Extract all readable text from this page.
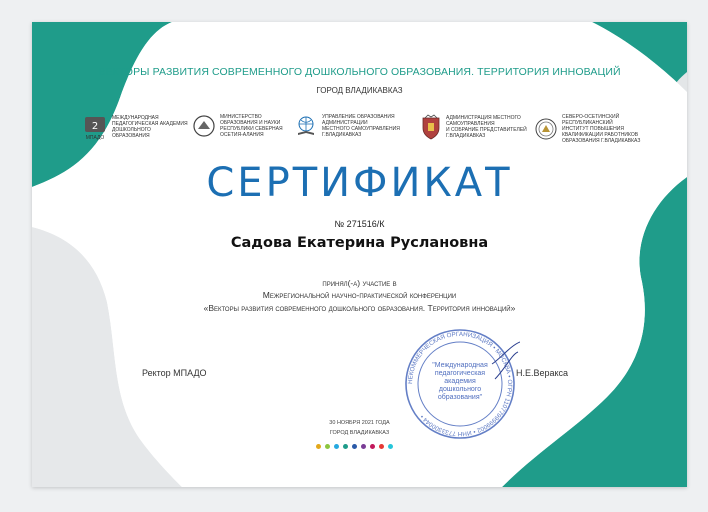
ВЕКТОРЫ РАЗВИТИЯ СОВРЕМЕННОГО ДОШКОЛЬНОГО ОБРАЗОВАНИЯ. ТЕРРИТОРИЯ ИННОВАЦИЙ
ГОРОД ВЛАДИКАВКАЗ
2
МПАДО
МЕЖДУНАРОДНАЯ
ПЕДАГОГИЧЕСКАЯ АКАДЕМИЯ
ДОШКОЛЬНОГО
ОБРАЗОВАНИЯ
МИНИСТЕРСТВО
ОБРАЗОВАНИЯ И НАУКИ
РЕСПУБЛИКИ СЕВЕРНАЯ
ОСЕТИЯ-АЛАНИЯ
УПРАВЛЕНИЕ ОБРАЗОВАНИЯ
АДМИНИСТРАЦИИ
МЕСТНОГО САМОУПРАВЛЕНИЯ
Г.ВЛАДИКАВКАЗ
АДМИНИСТРАЦИЯ МЕСТНОГО
САМОУПРАВЛЕНИЯ
И СОБРАНИЕ ПРЕДСТАВИТЕЛЕЙ
Г.ВЛАДИКАВКАЗ
СЕВЕРО-ОСЕТИНСКИЙ
РЕСПУБЛИКАНСКИЙ
ИНСТИТУТ ПОВЫШЕНИЯ
КВАЛИФИКАЦИИ РАБОТНИКОВ
ОБРАЗОВАНИЯ Г.ВЛАДИКАВКАЗ
СЕРТИФИКАТ
№ 271516/К
Садова Екатерина Руслановна
принял(-а) участие в
Межрегиональной научно-практической конференции
«Векторы развития современного дошкольного образования. Территория инноваций»
Ректор МПАДО
НЕКОММЕРЧЕСКАЯ ОРГАНИЗАЦИЯ • МОСКВА • ОГРН 1107799999002 • ИНН 7733300044 •
"Международная педагогическая академия дошкольного образования"
Н.Е.Веракса
30 НОЯБРЯ 2021 ГОДА
ГОРОД ВЛАДИКАВКАЗ
